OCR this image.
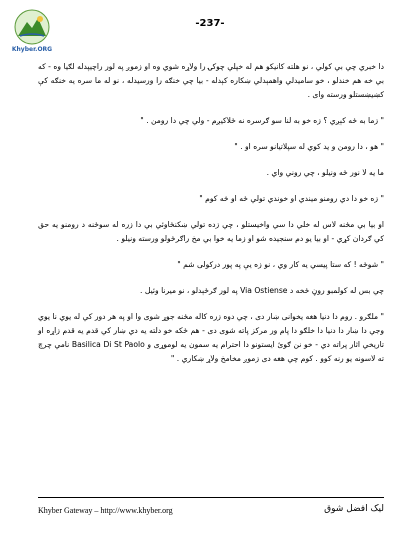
Khyber.ORG
-237-

دا خبري چي بي کولي ، نو هلته کانيکو هم له خپلي چوکۍ را ولاړه شوي وه او زموږ په لور راچيپدله لګيا وه - که بي خه هم خندلو ، خو ساميدلي واهمېدلي ښکاره کېدله - بيا چي خنګه را ورسيدله ، نو له ما سره يه خنګه کې کښيښستلو ورسته وای .

" زما به ځه کېږي ؟ زه خو به لنا سو ګرسره نه ځلاکيږم - ولي چي دا رومن . "

" هو ، دا رومن و يد کوي له سپلاتيانو سره او . "

ما يه لا نور ځه ونيلو ، چي روني واي .

" زه خو دا دي رومنو ميندي او خوندي تولي ځه او څه کوم "

او بيا بي مځنه لاس له خلي دا سي واخيستلو ، چي زده تولي ښکنځاوئي بي دا زره له سوځنه د رومنو يه حق کي ګردان کړي - او بيا يو دم سنجيده شو او زما يه خوا بي مخ راګرځولو ورسته ونيلو .

" شوځه ! که ستا پيسي يه کار وي ، نو زه يې په پور درکولی شم "

چي بس له کولمبو روڼ ځخه د Via Ostiense په لور ګرځېدلو ، نو ميرنا وئيل .

" ملګرو . روم دا دنيا هغه يخوانی ښار دی ، چي دوه زره کاله مځنه جوړ شوی وا او په هر دور کي له يوي نا يوي وجي دا ښار دا دنيا دا خلګو دا پام ور مرکز پاته شوی دی - هم ځکه خو دلته يه دي ښار کي قدم يه قدم زاړه او تاريخي اثار پراته دي - خو نن ګوئ ايستونو دا احترام يه سمون يه لوموړی و Basilica Di St Paolo نامي چرچ ته لاسونه يو رنه کوو . کوم چي هغه دی زموږ مخامخ ولاړ ښکاري . "

Khyber Gateway – http://www.khyber.org	لیک افضل شوق
